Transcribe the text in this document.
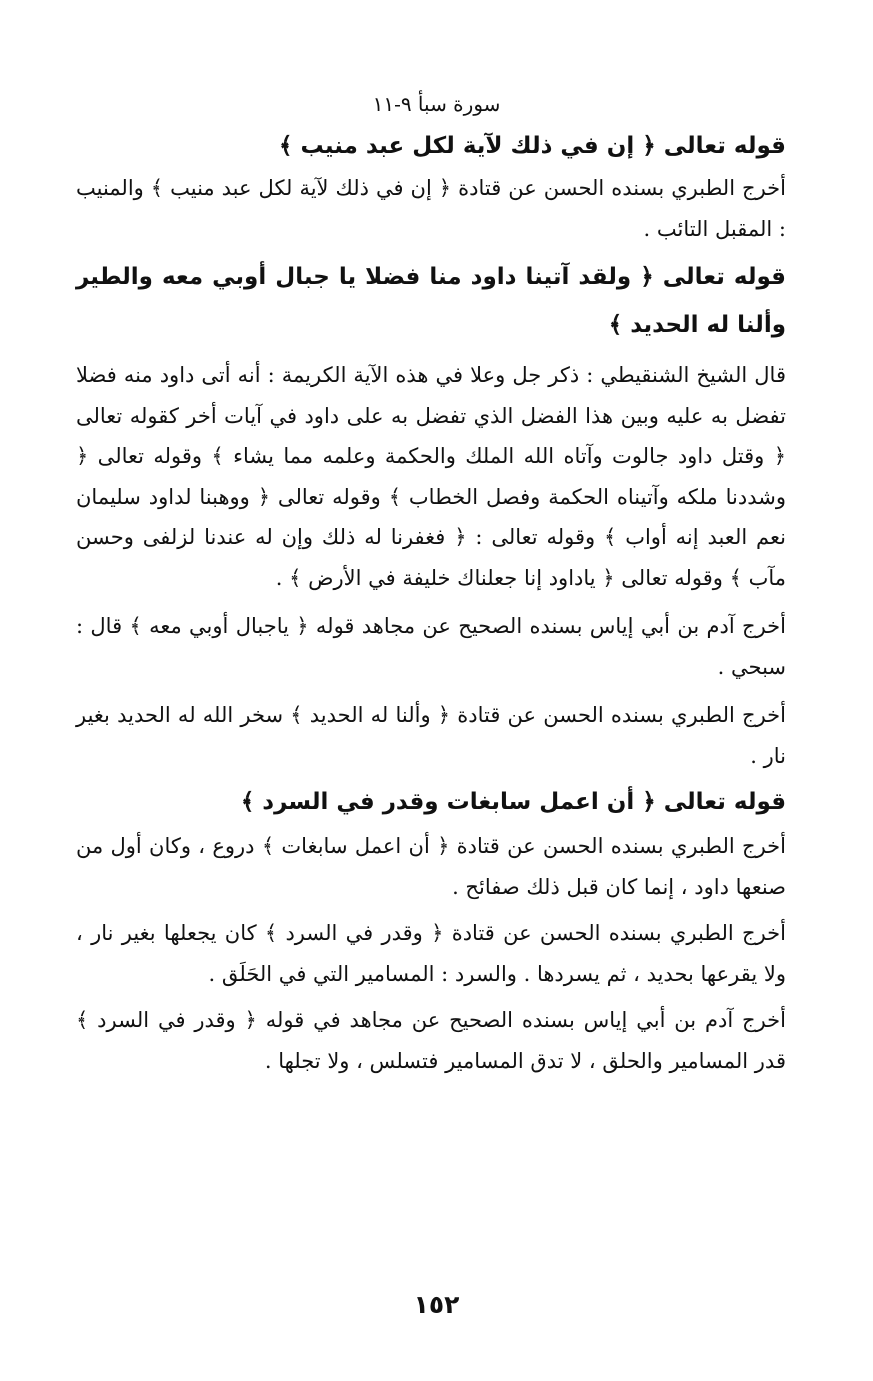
سورة سبأ ٩-١١

قوله تعالى ﴿ إن في ذلك لآية لكل عبد منيب ﴾

أخرج الطبري بسنده الحسن عن قتادة ﴿ إن في ذلك لآية لكل عبد منيب ﴾ والمنيب : المقبل التائب .

قوله تعالى ﴿ ولقد آتينا داود منا فضلا يا جبال أوبي معه والطير وألنا له الحديد ﴾

قال الشيخ الشنقيطي : ذكر جل وعلا في هذه الآية الكريمة : أنه أتى داود منه فضلا تفضل به عليه وبين هذا الفضل الذي تفضل به على داود في آيات أخر كقوله تعالى ﴿ وقتل داود جالوت وآتاه الله الملك والحكمة وعلمه مما يشاء ﴾ وقوله تعالى ﴿ وشددنا ملكه وآتيناه الحكمة وفصل الخطاب ﴾ وقوله تعالى ﴿ ووهبنا لداود سليمان نعم العبد إنه أواب ﴾ وقوله تعالى : ﴿ فغفرنا له ذلك وإن له عندنا لزلفى وحسن مآب ﴾ وقوله تعالى ﴿ ياداود إنا جعلناك خليفة في الأرض ﴾ .

أخرج آدم بن أبي إياس بسنده الصحيح عن مجاهد قوله ﴿ ياجبال أوبي معه ﴾ قال : سبحي .

أخرج الطبري بسنده الحسن عن قتادة ﴿ وألنا له الحديد ﴾ سخر الله له الحديد بغير نار .

قوله تعالى ﴿ أن اعمل سابغات وقدر في السرد ﴾

أخرج الطبري بسنده الحسن عن قتادة ﴿ أن اعمل سابغات ﴾ دروع ، وكان أول من صنعها داود ، إنما كان قبل ذلك صفائح .

أخرج الطبري بسنده الحسن عن قتادة ﴿ وقدر في السرد ﴾ كان يجعلها بغير نار ، ولا يقرعها بحديد ، ثم يسردها . والسرد : المسامير التي في الحَلَق .

أخرج آدم بن أبي إياس بسنده الصحيح عن مجاهد في قوله ﴿ وقدر في السرد ﴾ قدر المسامير والحلق ، لا تدق المسامير فتسلس ، ولا تجلها .

١٥٢
